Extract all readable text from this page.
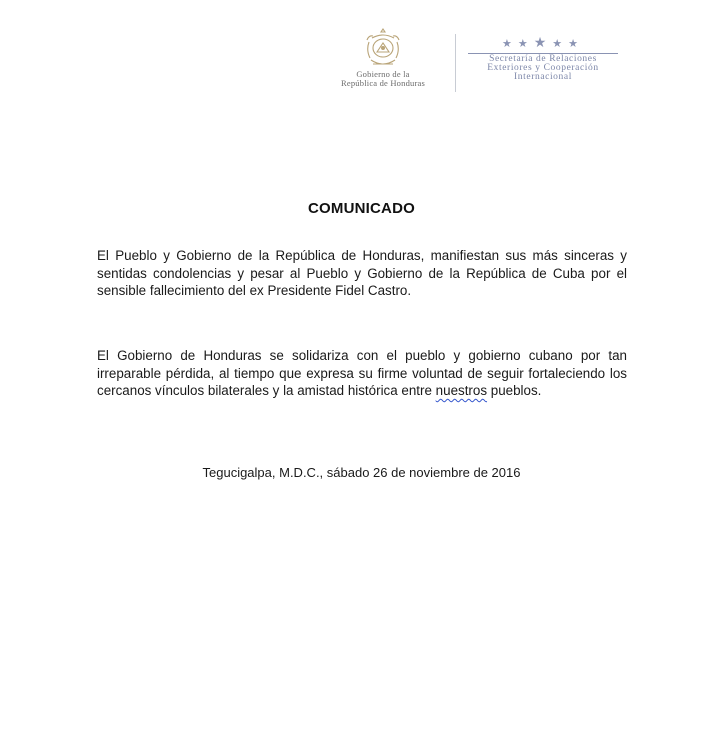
Gobierno de la
República de Honduras
★★★★★
Secretaría de Relaciones
Exteriores y Cooperación
Internacional
COMUNICADO
El Pueblo y Gobierno de la República de Honduras, manifiestan sus más sinceras y sentidas condolencias y pesar al Pueblo y Gobierno de la República de Cuba por el sensible fallecimiento del ex Presidente Fidel Castro.
El Gobierno de Honduras se solidariza con el pueblo y gobierno cubano por tan irreparable pérdida, al tiempo que expresa su firme voluntad de seguir fortaleciendo los cercanos vínculos bilaterales y la amistad histórica entre nuestros pueblos.
Tegucigalpa, M.D.C., sábado 26 de noviembre de 2016
